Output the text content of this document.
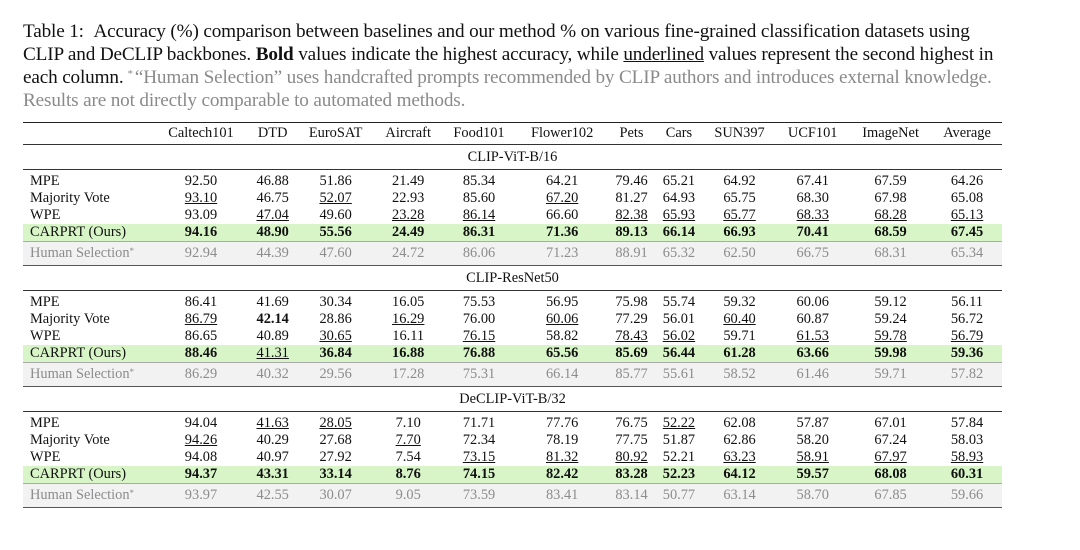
Table 1: Accuracy (%) comparison between baselines and our method % on various fine-grained classification datasets using CLIP and DeCLIP backbones. Bold values indicate the highest accuracy, while underlined values represent the second highest in each column. * “Human Selection” uses handcrafted prompts recommended by CLIP authors and introduces external knowledge. Results are not directly comparable to automated methods.
	Caltech101	DTD	EuroSAT	Aircraft	Food101	Flower102	Pets	Cars	SUN397	UCF101	ImageNet	Average
CLIP-ViT-B/16												
MPE	92.50	46.88	51.86	21.49	85.34	64.21	79.46	65.21	64.92	67.41	67.59	64.26
Majority Vote	93.10	46.75	52.07	22.93	85.60	67.20	81.27	64.93	65.75	68.30	67.98	65.08
WPE	93.09	47.04	49.60	23.28	86.14	66.60	82.38	65.93	65.77	68.33	68.28	65.13
CARPRT (Ours)	94.16	48.90	55.56	24.49	86.31	71.36	89.13	66.14	66.93	70.41	68.59	67.45
Human Selection*	92.94	44.39	47.60	24.72	86.06	71.23	88.91	65.32	62.50	66.75	68.31	65.34
CLIP-ResNet50												
MPE	86.41	41.69	30.34	16.05	75.53	56.95	75.98	55.74	59.32	60.06	59.12	56.11
Majority Vote	86.79	42.14	28.86	16.29	76.00	60.06	77.29	56.01	60.40	60.87	59.24	56.72
WPE	86.65	40.89	30.65	16.11	76.15	58.82	78.43	56.02	59.71	61.53	59.78	56.79
CARPRT (Ours)	88.46	41.31	36.84	16.88	76.88	65.56	85.69	56.44	61.28	63.66	59.98	59.36
Human Selection*	86.29	40.32	29.56	17.28	75.31	66.14	85.77	55.61	58.52	61.46	59.71	57.82
DeCLIP-ViT-B/32												
MPE	94.04	41.63	28.05	7.10	71.71	77.76	76.75	52.22	62.08	57.87	67.01	57.84
Majority Vote	94.26	40.29	27.68	7.70	72.34	78.19	77.75	51.87	62.86	58.20	67.24	58.03
WPE	94.08	40.97	27.92	7.54	73.15	81.32	80.92	52.21	63.23	58.91	67.97	58.93
CARPRT (Ours)	94.37	43.31	33.14	8.76	74.15	82.42	83.28	52.23	64.12	59.57	68.08	60.31
Human Selection*	93.97	42.55	30.07	9.05	73.59	83.41	83.14	50.77	63.14	58.70	67.85	59.66
